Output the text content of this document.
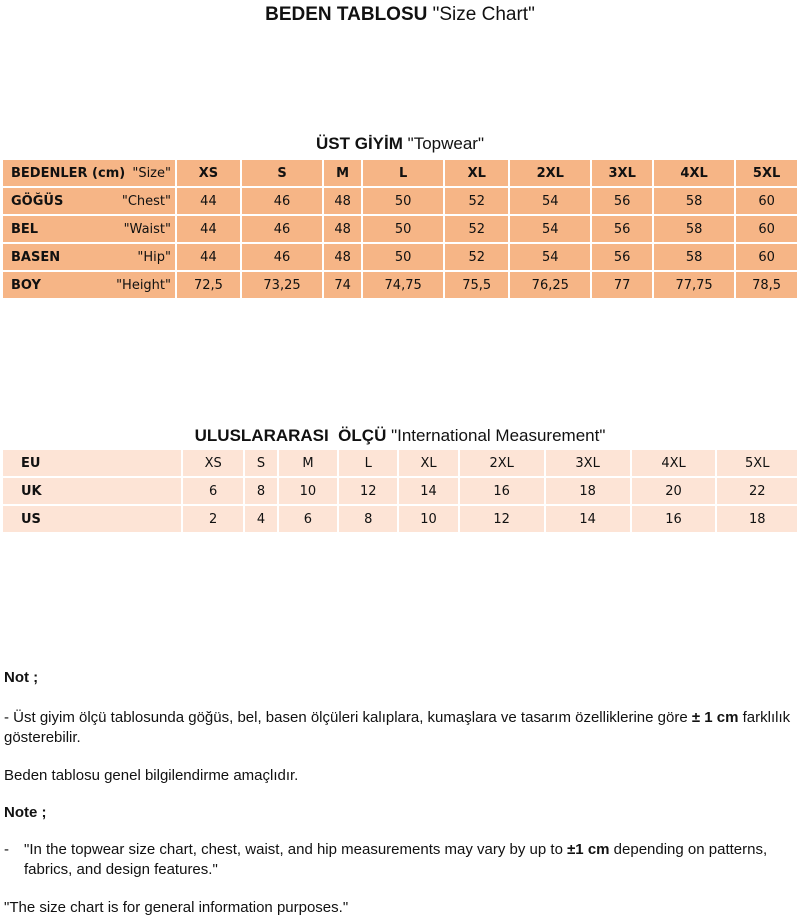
BEDEN TABLOSU "Size Chart"
ÜST GİYİM "Topwear"
BEDENLER (cm) "Size"	XS	S	M	L	XL	2XL	3XL	4XL	5XL
GÖĞÜS "Chest"	44	46	48	50	52	54	56	58	60
BEL "Waist"	44	46	48	50	52	54	56	58	60
BASEN "Hip"	44	46	48	50	52	54	56	58	60
BOY "Height"	72,5	73,25	74	74,75	75,5	76,25	77	77,75	78,5
ULUSLARARASI  ÖLÇÜ "International Measurement"
EU	XS	S	M	L	XL	2XL	3XL	4XL	5XL
UK	6	8	10	12	14	16	18	20	22
US	2	4	6	8	10	12	14	16	18
Not ;
- Üst giyim ölçü tablosunda göğüs, bel, basen ölçüleri kalıplara, kumaşlara ve tasarım özelliklerine göre ± 1 cm farklılık gösterebilir.
Beden tablosu genel bilgilendirme amaçlıdır.
Note ;
- "In the topwear size chart, chest, waist, and hip measurements may vary by up to ±1 cm depending on patterns, fabrics, and design features."
"The size chart is for general information purposes."
